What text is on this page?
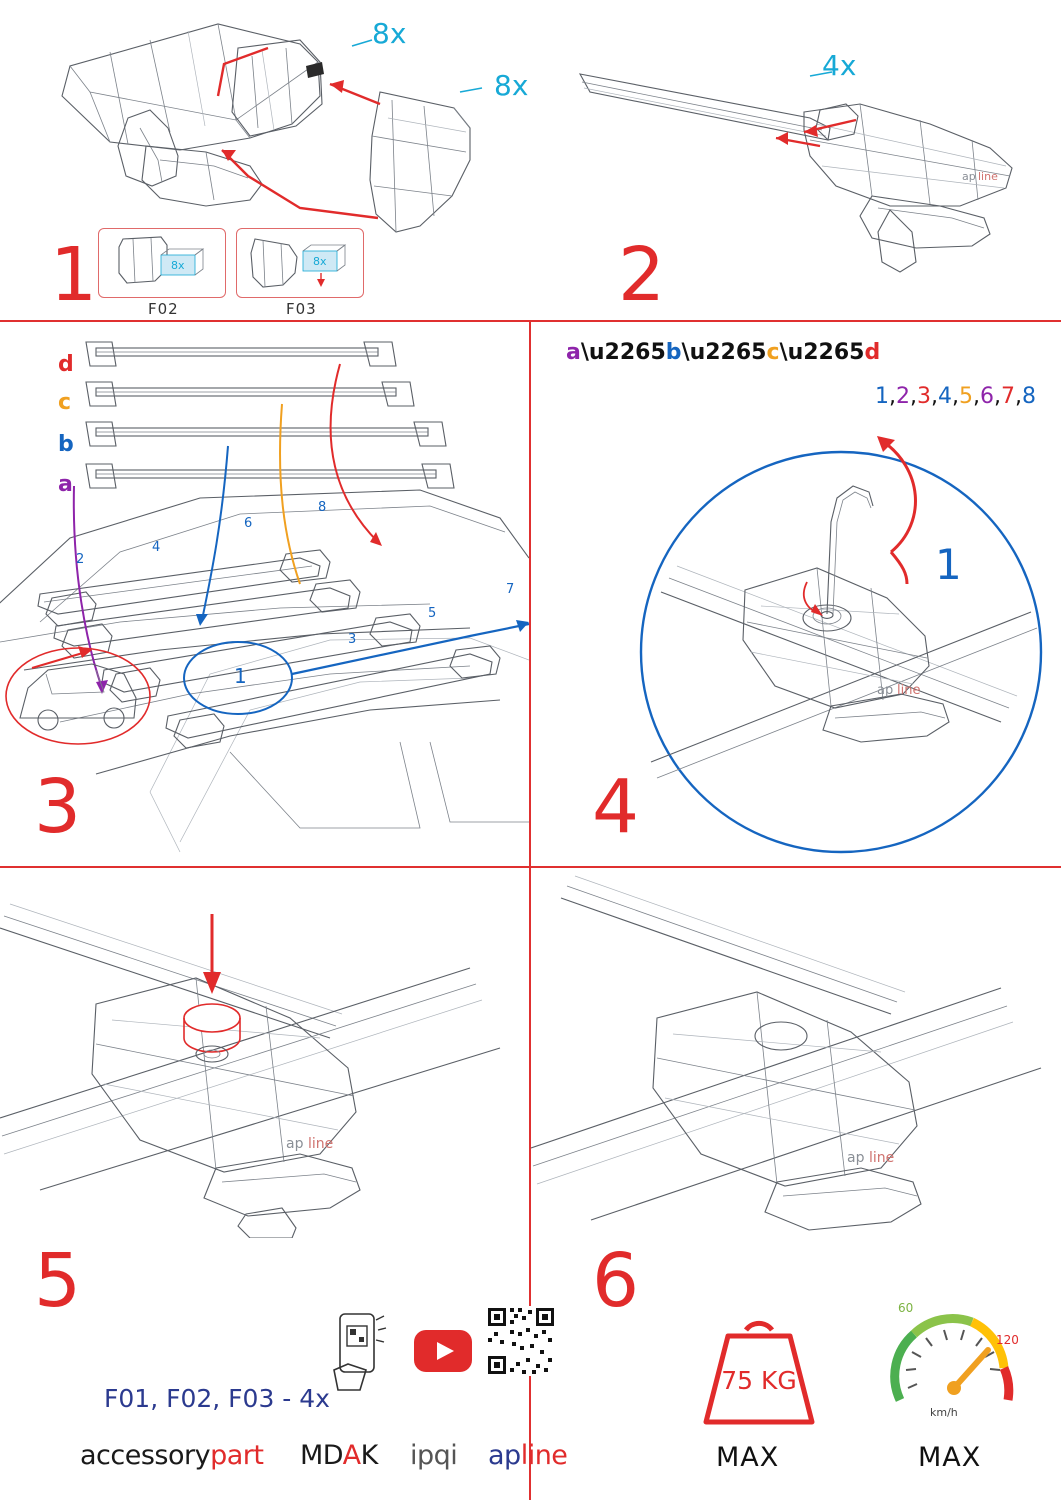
8x
8x
1	8x
F02
8x
F03
ap line
4x
2
d
c
b
a
2
4
6
8
7
5
3
1
3
a\u2265b\u2265c\u2265d
1,2,3,4,5,6,7,8
ap line
1
4
ap line
ap line
5
F01, F02, F03 - 4x
accessorypart MDAK ipqi apline
6
75 KG
MAX
60
120
km/h
MAX
